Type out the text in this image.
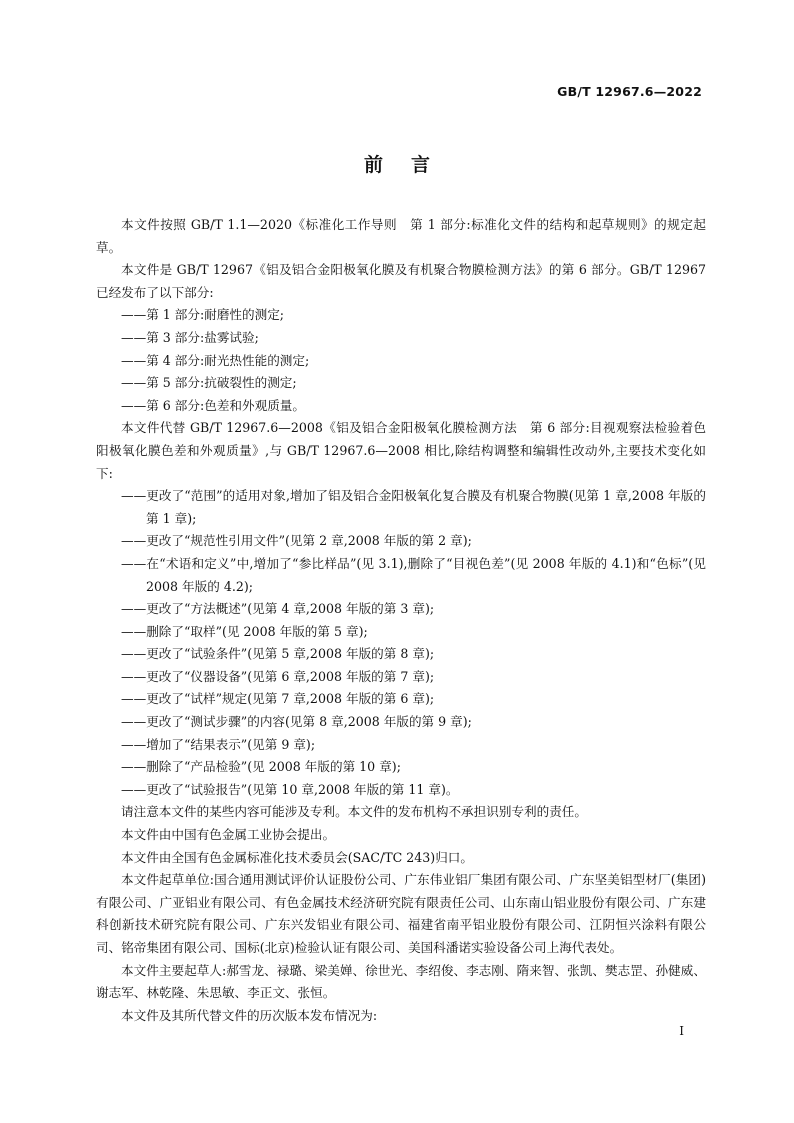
GB/T 12967.6—2022
前言

本文件按照 GB/T 1.1—2020《标准化工作导则　第 1 部分:标准化文件的结构和起草规则》的规定起草。

本文件是 GB/T 12967《铝及铝合金阳极氧化膜及有机聚合物膜检测方法》的第 6 部分。GB/T 12967已经发布了以下部分:

——第 1 部分:耐磨性的测定;

——第 3 部分:盐雾试验;

——第 4 部分:耐光热性能的测定;

——第 5 部分:抗破裂性的测定;

——第 6 部分:色差和外观质量。

本文件代替 GB/T 12967.6—2008《铝及铝合金阳极氧化膜检测方法　第 6 部分:目视观察法检验着色阳极氧化膜色差和外观质量》,与 GB/T 12967.6—2008 相比,除结构调整和编辑性改动外,主要技术变化如下:

——更改了“范围”的适用对象,增加了铝及铝合金阳极氧化复合膜及有机聚合物膜(见第 1 章,2008 年版的第 1 章);

——更改了“规范性引用文件”(见第 2 章,2008 年版的第 2 章);

——在“术语和定义”中,增加了“参比样品”(见 3.1),删除了“目视色差”(见 2008 年版的 4.1)和“色标”(见 2008 年版的 4.2);

——更改了“方法概述”(见第 4 章,2008 年版的第 3 章);

——删除了“取样”(见 2008 年版的第 5 章);

——更改了“试验条件”(见第 5 章,2008 年版的第 8 章);

——更改了“仪器设备”(见第 6 章,2008 年版的第 7 章);

——更改了“试样”规定(见第 7 章,2008 年版的第 6 章);

——更改了“测试步骤”的内容(见第 8 章,2008 年版的第 9 章);

——增加了“结果表示”(见第 9 章);

——删除了“产品检验”(见 2008 年版的第 10 章);

——更改了“试验报告”(见第 10 章,2008 年版的第 11 章)。

请注意本文件的某些内容可能涉及专利。本文件的发布机构不承担识别专利的责任。

本文件由中国有色金属工业协会提出。

本文件由全国有色金属标准化技术委员会(SAC/TC 243)归口。

本文件起草单位:国合通用测试评价认证股份公司、广东伟业铝厂集团有限公司、广东坚美铝型材厂(集团)有限公司、广亚铝业有限公司、有色金属技术经济研究院有限责任公司、山东南山铝业股份有限公司、广东建科创新技术研究院有限公司、广东兴发铝业有限公司、福建省南平铝业股份有限公司、江阴恒兴涂料有限公司、铭帝集团有限公司、国标(北京)检验认证有限公司、美国科潘诺实验设备公司上海代表处。

本文件主要起草人:郝雪龙、禄璐、梁美婵、徐世光、李绍俊、李志刚、隋来智、张凯、樊志罡、孙健威、谢志军、林乾隆、朱思敏、李正文、张恒。

本文件及其所代替文件的历次版本发布情况为:

I
